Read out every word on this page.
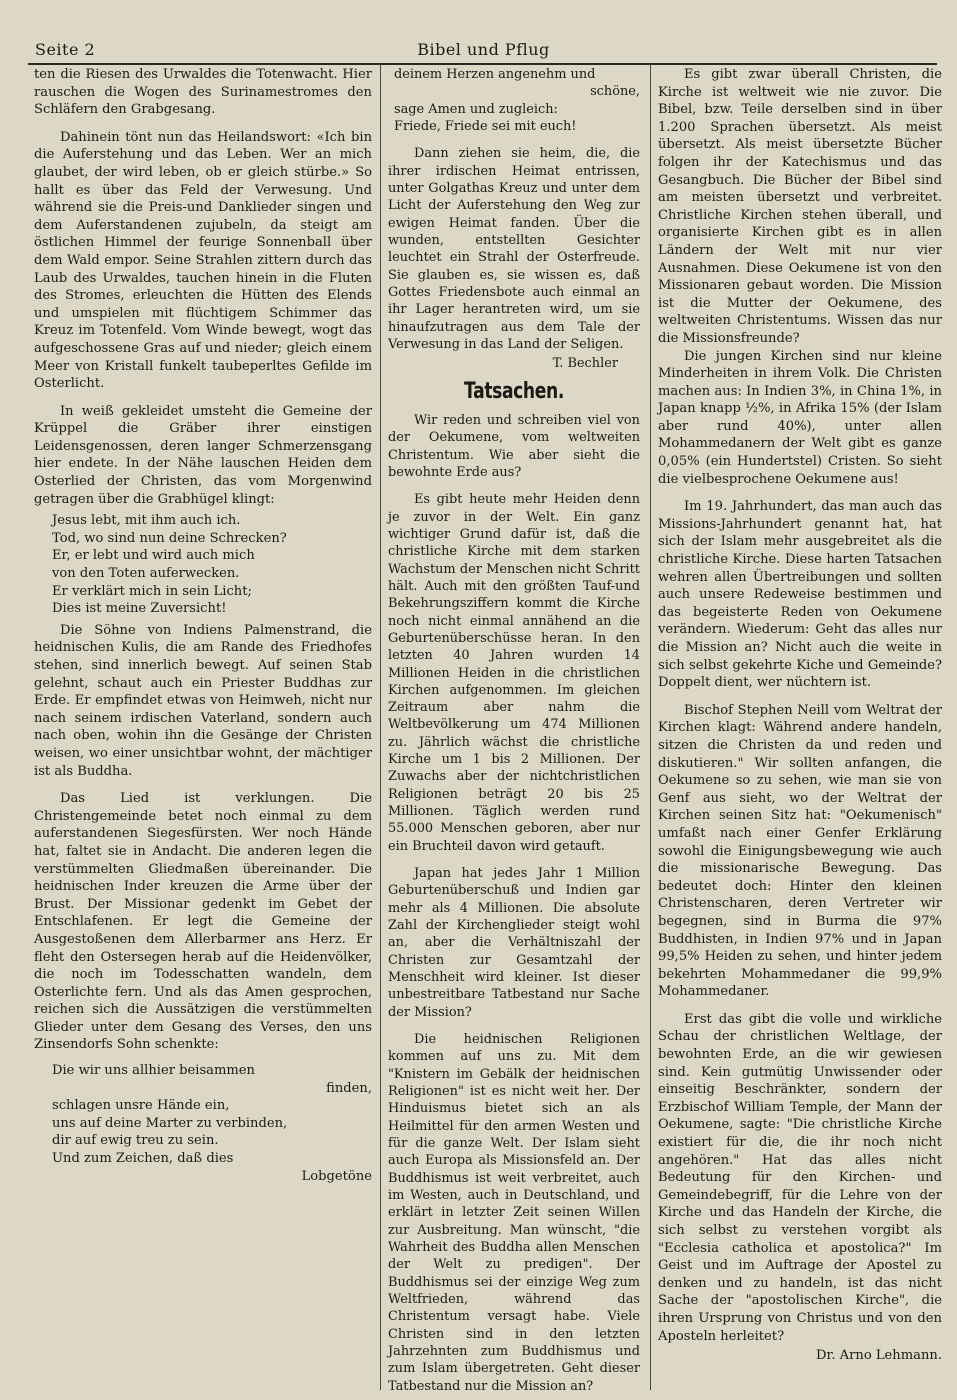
Seite 2	Bibel und Pflug

ten die Riesen des Urwaldes die Totenwacht. Hier rauschen die Wogen des Surinamestromes den Schläfern den Grabgesang.

Dahinein tönt nun das Heilandswort: «Ich bin die Auferstehung und das Leben. Wer an mich glaubet, der wird leben, ob er gleich stürbe.» So hallt es über das Feld der Verwesung. Und während sie die Preis-und Danklieder singen und dem Auferstandenen zujubeln, da steigt am östlichen Himmel der feurige Sonnenball über dem Wald empor. Seine Strahlen zittern durch das Laub des Urwaldes, tauchen hinein in die Fluten des Stromes, erleuchten die Hütten des Elends und umspielen mit flüchtigem Schimmer das Kreuz im Totenfeld. Vom Winde bewegt, wogt das aufgeschossene Gras auf und nieder; gleich einem Meer von Kristall funkelt taubeperltes Gefilde im Osterlicht.

In weiß gekleidet umsteht die Gemeine der Krüppel die Gräber ihrer einstigen Leidensgenossen, deren langer Schmerzensgang hier endete. In der Nähe lauschen Heiden dem Osterlied der Christen, das vom Morgenwind getragen über die Grabhügel klingt:

Jesus lebt, mit ihm auch ich.
Tod, wo sind nun deine Schrecken?
Er, er lebt und wird auch mich
von den Toten auferwecken.
Er verklärt mich in sein Licht;
Dies ist meine Zuversicht!

Die Söhne von Indiens Palmenstrand, die heidnischen Kulis, die am Rande des Friedhofes stehen, sind innerlich bewegt. Auf seinen Stab gelehnt, schaut auch ein Priester Buddhas zur Erde. Er empfindet etwas von Heimweh, nicht nur nach seinem irdischen Vaterland, sondern auch nach oben, wohin ihn die Gesänge der Christen weisen, wo einer unsichtbar wohnt, der mächtiger ist als Buddha.

Das Lied ist verklungen. Die Christengemeinde betet noch einmal zu dem auferstandenen Siegesfürsten. Wer noch Hände hat, faltet sie in Andacht. Die anderen legen die verstümmelten Gliedmaßen übereinander. Die heidnischen Inder kreuzen die Arme über der Brust. Der Missionar gedenkt im Gebet der Entschlafenen. Er legt die Gemeine der Ausgestoßenen dem Allerbarmer ans Herz. Er fleht den Ostersegen herab auf die Heidenvölker, die noch im Todesschatten wandeln, dem Osterlichte fern. Und als das Amen gesprochen, reichen sich die Aussätzigen die verstümmelten Glieder unter dem Gesang des Verses, den uns Zinsendorfs Sohn schenkte:

Die wir uns allhier beisammen
finden,
schlagen unsre Hände ein,
uns auf deine Marter zu verbinden,
dir auf ewig treu zu sein.
Und zum Zeichen, daß dies
Lobgetöne
deinem Herzen angenehm und
schöne,
sage Amen und zugleich:
Friede, Friede sei mit euch!

Dann ziehen sie heim, die, die ihrer irdischen Heimat entrissen, unter Golgathas Kreuz und unter dem Licht der Auferstehung den Weg zur ewigen Heimat fanden. Über die wunden, entstellten Gesichter leuchtet ein Strahl der Osterfreude. Sie glauben es, sie wissen es, daß Gottes Friedensbote auch einmal an ihr Lager herantreten wird, um sie hinaufzutragen aus dem Tale der Verwesung in das Land der Seligen.

T. Bechler
Tatsachen.

Wir reden und schreiben viel von der Oekumene, vom weltweiten Christentum. Wie aber sieht die bewohnte Erde aus?

Es gibt heute mehr Heiden denn je zuvor in der Welt. Ein ganz wichtiger Grund dafür ist, daß die christliche Kirche mit dem starken Wachstum der Menschen nicht Schritt hält. Auch mit den größten Tauf-und Bekehrungsziffern kommt die Kirche noch nicht einmal annähend an die Geburtenüberschüsse heran. In den letzten 40 Jahren wurden 14 Millionen Heiden in die christlichen Kirchen aufgenommen. Im gleichen Zeitraum aber nahm die Weltbevölkerung um 474 Millionen zu. Jährlich wächst die christliche Kirche um 1 bis 2 Millionen. Der Zuwachs aber der nichtchristlichen Religionen beträgt 20 bis 25 Millionen. Täglich werden rund 55.000 Menschen geboren, aber nur ein Bruchteil davon wird getauft.

Japan hat jedes Jahr 1 Million Geburtenüberschuß und Indien gar mehr als 4 Millionen. Die absolute Zahl der Kirchenglieder steigt wohl an, aber die Verhältniszahl der Christen zur Gesamtzahl der Menschheit wird kleiner. Ist dieser unbestreitbare Tatbestand nur Sache der Mission?

Die heidnischen Religionen kommen auf uns zu. Mit dem "Knistern im Gebälk der heidnischen Religionen" ist es nicht weit her. Der Hinduismus bietet sich an als Heilmittel für den armen Westen und für die ganze Welt. Der Islam sieht auch Europa als Missionsfeld an. Der Buddhismus ist weit verbreitet, auch im Westen, auch in Deutschland, und erklärt in letzter Zeit seinen Willen zur Ausbreitung. Man wünscht, "die Wahrheit des Buddha allen Menschen der Welt zu predigen". Der Buddhismus sei der einzige Weg zum Weltfrieden, während das Christentum versagt habe. Viele Christen sind in den letzten Jahrzehnten zum Buddhismus und zum Islam übergetreten. Geht dieser Tatbestand nur die Mission an?

Es gibt zwar überall Christen, die Kirche ist weltweit wie nie zuvor. Die Bibel, bzw. Teile derselben sind in über 1.200 Sprachen übersetzt. Als meist übersetzt. Als meist übersetzte Bücher folgen ihr der Katechismus und das Gesangbuch. Die Bücher der Bibel sind am meisten übersetzt und verbreitet. Christliche Kirchen stehen überall, und organisierte Kirchen gibt es in allen Ländern der Welt mit nur vier Ausnahmen. Diese Oekumene ist von den Missionaren gebaut worden. Die Mission ist die Mutter der Oekumene, des weltweiten Christentums. Wissen das nur die Missionsfreunde?

Die jungen Kirchen sind nur kleine Minderheiten in ihrem Volk. Die Christen machen aus: In Indien 3%, in China 1%, in Japan knapp ½%, in Afrika 15% (der Islam aber rund 40%), unter allen Mohammedanern der Welt gibt es ganze 0,05% (ein Hundertstel) Cristen. So sieht die vielbesprochene Oekumene aus!

Im 19. Jahrhundert, das man auch das Missions-Jahrhundert genannt hat, hat sich der Islam mehr ausgebreitet als die christliche Kirche. Diese harten Tatsachen wehren allen Übertreibungen und sollten auch unsere Redeweise bestimmen und das begeisterte Reden von Oekumene verändern. Wiederum: Geht das alles nur die Mission an? Nicht auch die weite in sich selbst gekehrte Kiche und Gemeinde? Doppelt dient, wer nüchtern ist.

Bischof Stephen Neill vom Weltrat der Kirchen klagt: Während andere handeln, sitzen die Christen da und reden und diskutieren." Wir sollten anfangen, die Oekumene so zu sehen, wie man sie von Genf aus sieht, wo der Weltrat der Kirchen seinen Sitz hat: "Oekumenisch" umfaßt nach einer Genfer Erklärung sowohl die Einigungsbewegung wie auch die missionarische Bewegung. Das bedeutet doch: Hinter den kleinen Christenscharen, deren Vertreter wir begegnen, sind in Burma die 97% Buddhisten, in Indien 97% und in Japan 99,5% Heiden zu sehen, und hinter jedem bekehrten Mohammedaner die 99,9% Mohammedaner.

Erst das gibt die volle und wirkliche Schau der christlichen Weltlage, der bewohnten Erde, an die wir gewiesen sind. Kein gutmütig Unwissender oder einseitig Beschränkter, sondern der Erzbischof William Temple, der Mann der Oekumene, sagte: "Die christliche Kirche existiert für die, die ihr noch nicht angehören." Hat das alles nicht Bedeutung für den Kirchen- und Gemeindebegriff, für die Lehre von der Kirche und das Handeln der Kirche, die sich selbst zu verstehen vorgibt als "Ecclesia catholica et apostolica?" Im Geist und im Auftrage der Apostel zu denken und zu handeln, ist das nicht Sache der "apostolischen Kirche", die ihren Ursprung von Christus und von den Aposteln herleitet?

Dr. Arno Lehmann.
